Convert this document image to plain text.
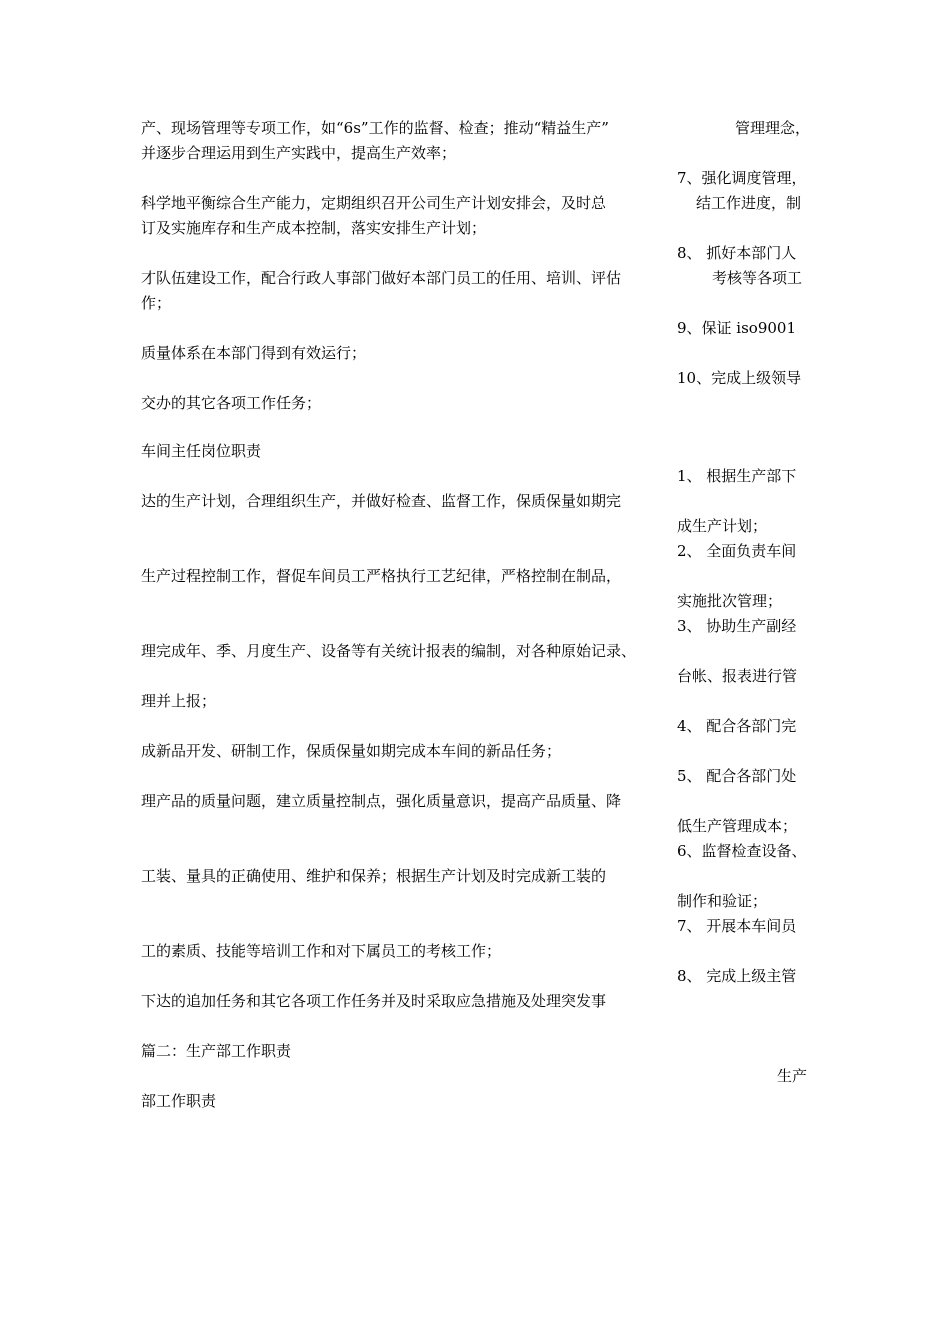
产、现场管理等专项工作，如“6s”工作的监督、检查；推动“精益生产”	管理理念，
并逐步合理运用到生产实践中，提高生产效率；
7、强化调度管理，
科学地平衡综合生产能力，定期组织召开公司生产计划安排会，及时总	结工作进度，制
订及实施库存和生产成本控制，落实安排生产计划；
8、 抓好本部门人
才队伍建设工作，配合行政人事部门做好本部门员工的任用、培训、评估	考核等各项工
作；
9、保证 iso9001
质量体系在本部门得到有效运行；
10、完成上级领导
交办的其它各项工作任务；
车间主任岗位职责
1、 根据生产部下
达的生产计划，合理组织生产，并做好检查、监督工作，保质保量如期完
成生产计划；
2、 全面负责车间
生产过程控制工作，督促车间员工严格执行工艺纪律，严格控制在制品，
实施批次管理；
3、 协助生产副经
理完成年、季、月度生产、设备等有关统计报表的编制，对各种原始记录、
台帐、报表进行管
理并上报；
4、 配合各部门完
成新品开发、研制工作，保质保量如期完成本车间的新品任务；
5、 配合各部门处
理产品的质量问题，建立质量控制点，强化质量意识，提高产品质量、降
低生产管理成本；
6、监督检查设备、
工装、量具的正确使用、维护和保养；根据生产计划及时完成新工装的
制作和验证；
7、 开展本车间员
工的素质、技能等培训工作和对下属员工的考核工作；
8、 完成上级主管
下达的追加任务和其它各项工作任务并及时采取应急措施及处理突发事
篇二：生产部工作职责
生产
部工作职责
